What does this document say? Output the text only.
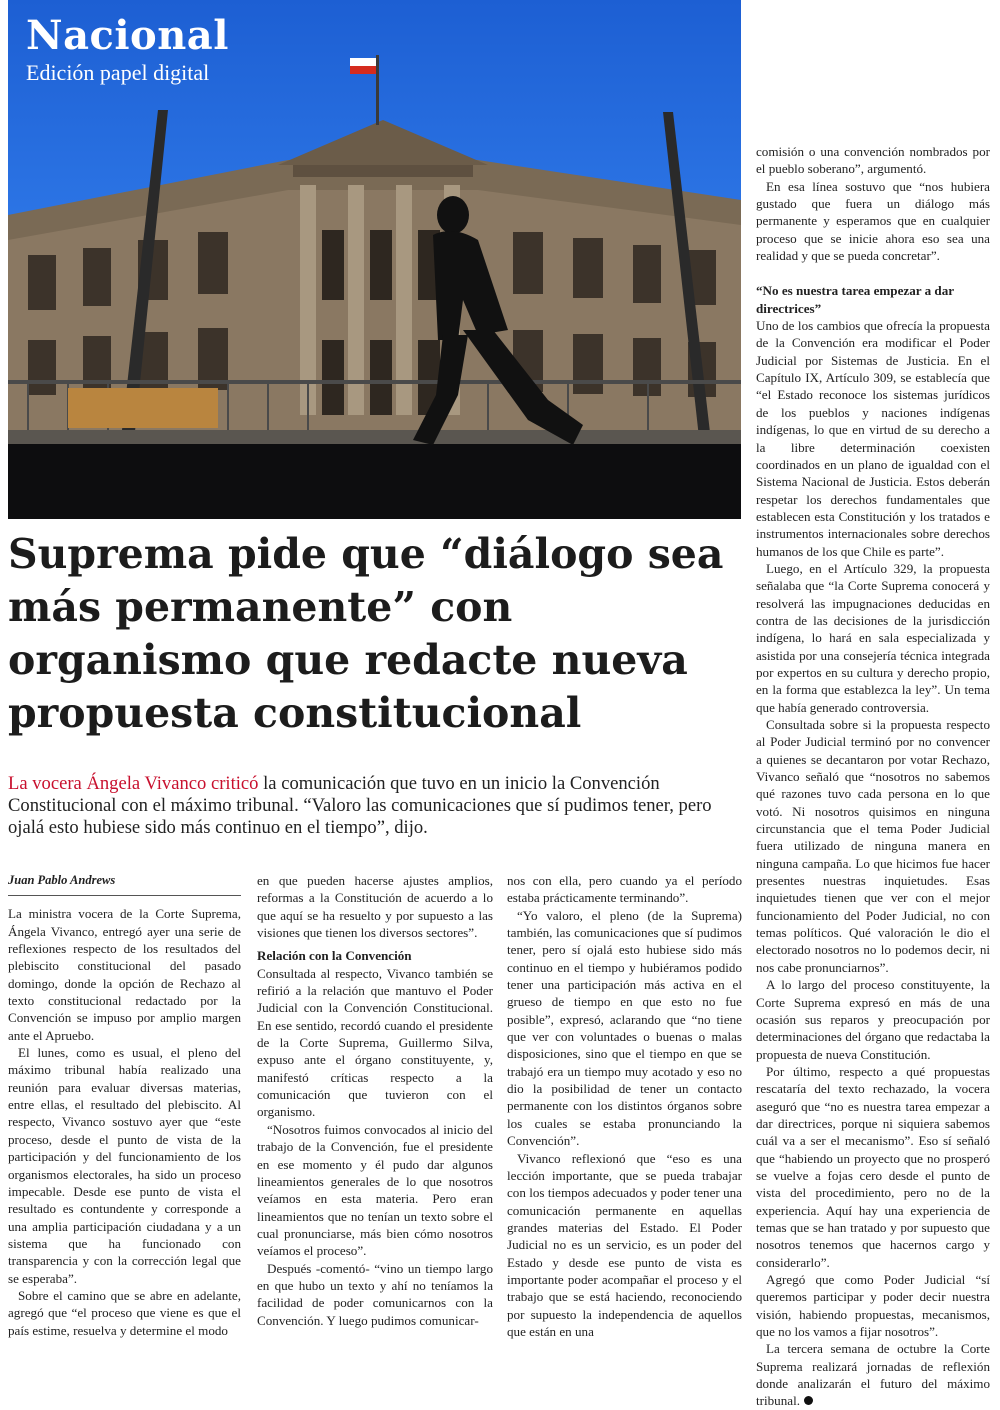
Nacional
Edición papel digital
Suprema pide que “diálogo sea más permanente” con organismo que redacte nueva propuesta constitucional

La vocera Ángela Vivanco criticó la comunicación que tuvo en un inicio la Convención Constitucional con el máximo tribunal. “Valoro las comunicaciones que sí pudimos tener, pero ojalá esto hubiese sido más continuo en el tiempo”, dijo.

Juan Pablo Andrews

La ministra vocera de la Corte Suprema, Ángela Vivanco, entregó ayer una serie de reflexiones respecto de los resultados del plebiscito constitucional del pasado domingo, donde la opción de Rechazo al texto constitucional redactado por la Convención se impuso por amplio margen ante el Apruebo.

El lunes, como es usual, el pleno del máximo tribunal había realizado una reunión para evaluar diversas materias, entre ellas, el resultado del plebiscito. Al respecto, Vivanco sostuvo ayer que “este proceso, desde el punto de vista de la participación y del funcionamiento de los organismos electorales, ha sido un proceso impecable. Desde ese punto de vista el resultado es contundente y corresponde a una amplia participación ciudadana y a un sistema que ha funcionado con transparencia y con la corrección legal que se esperaba”.

Sobre el camino que se abre en adelante, agregó que “el proceso que viene es que el país estime, resuelva y determine el modo

en que pueden hacerse ajustes amplios, reformas a la Constitución de acuerdo a lo que aquí se ha resuelto y por supuesto a las visiones que tienen los diversos sectores”.

Relación con la Convención

Consultada al respecto, Vivanco también se refirió a la relación que mantuvo el Poder Judicial con la Convención Constitucional. En ese sentido, recordó cuando el presidente de la Corte Suprema, Guillermo Silva, expuso ante el órgano constituyente, y, manifestó críticas respecto a la comunicación que tuvieron con el organismo.

“Nosotros fuimos convocados al inicio del trabajo de la Convención, fue el presidente en ese momento y él pudo dar algunos lineamientos generales de lo que nosotros veíamos en esta materia. Pero eran lineamientos que no tenían un texto sobre el cual pronunciarse, más bien cómo nosotros veíamos el proceso”.

Después -comentó- “vino un tiempo largo en que hubo un texto y ahí no teníamos la facilidad de poder comunicarnos con la Convención. Y luego pudimos comunicar-

nos con ella, pero cuando ya el período estaba prácticamente terminando”.

“Yo valoro, el pleno (de la Suprema) también, las comunicaciones que sí pudimos tener, pero sí ojalá esto hubiese sido más continuo en el tiempo y hubiéramos podido tener una participación más activa en el grueso de tiempo en que esto no fue posible”, expresó, aclarando que “no tiene que ver con voluntades o buenas o malas disposiciones, sino que el tiempo en que se trabajó era un tiempo muy acotado y eso no dio la posibilidad de tener un contacto permanente con los distintos órganos sobre los cuales se estaba pronunciando la Convención”.

Vivanco reflexionó que “eso es una lección importante, que se pueda trabajar con los tiempos adecuados y poder tener una comunicación permanente en aquellas grandes materias del Estado. El Poder Judicial no es un servicio, es un poder del Estado y desde ese punto de vista es importante poder acompañar el proceso y el trabajo que se está haciendo, reconociendo por supuesto la independencia de aquellos que están en una

comisión o una convención nombrados por el pueblo soberano”, argumentó.

En esa línea sostuvo que “nos hubiera gustado que fuera un diálogo más permanente y esperamos que en cualquier proceso que se inicie ahora eso sea una realidad y que se pueda concretar”.

“No es nuestra tarea empezar a dar directrices”

Uno de los cambios que ofrecía la propuesta de la Convención era modificar el Poder Judicial por Sistemas de Justicia. En el Capítulo IX, Artículo 309, se establecía que “el Estado reconoce los sistemas jurídicos de los pueblos y naciones indígenas indígenas, lo que en virtud de su derecho a la libre determinación coexisten coordinados en un plano de igualdad con el Sistema Nacional de Justicia. Estos deberán respetar los derechos fundamentales que establecen esta Constitución y los tratados e instrumentos internacionales sobre derechos humanos de los que Chile es parte”.

Luego, en el Artículo 329, la propuesta señalaba que “la Corte Suprema conocerá y resolverá las impugnaciones deducidas en contra de las decisiones de la jurisdicción indígena, lo hará en sala especializada y asistida por una consejería técnica integrada por expertos en su cultura y derecho propio, en la forma que establezca la ley”. Un tema que había generado controversia.

Consultada sobre si la propuesta respecto al Poder Judicial terminó por no convencer a quienes se decantaron por votar Rechazo, Vivanco señaló que “nosotros no sabemos qué razones tuvo cada persona en lo que votó. Ni nosotros quisimos en ninguna circunstancia que el tema Poder Judicial fuera utilizado de ninguna manera en ninguna campaña. Lo que hicimos fue hacer presentes nuestras inquietudes. Esas inquietudes tienen que ver con el mejor funcionamiento del Poder Judicial, no con temas políticos. Qué valoración le dio el electorado nosotros no lo podemos decir, ni nos cabe pronunciarnos”.

A lo largo del proceso constituyente, la Corte Suprema expresó en más de una ocasión sus reparos y preocupación por determinaciones del órgano que redactaba la propuesta de nueva Constitución.

Por último, respecto a qué propuestas rescataría del texto rechazado, la vocera aseguró que “no es nuestra tarea empezar a dar directrices, porque ni siquiera sabemos cuál va a ser el mecanismo”. Eso sí señaló que “habiendo un proyecto que no prosperó se vuelve a fojas cero desde el punto de vista del procedimiento, pero no de la experiencia. Aquí hay una experiencia de temas que se han tratado y por supuesto que nosotros tenemos que hacernos cargo y considerarlo”.

Agregó que como Poder Judicial “sí queremos participar y poder decir nuestra visión, habiendo propuestas, mecanismos, que no los vamos a fijar nosotros”.

La tercera semana de octubre la Corte Suprema realizará jornadas de reflexión donde analizarán el futuro del máximo tribunal.
